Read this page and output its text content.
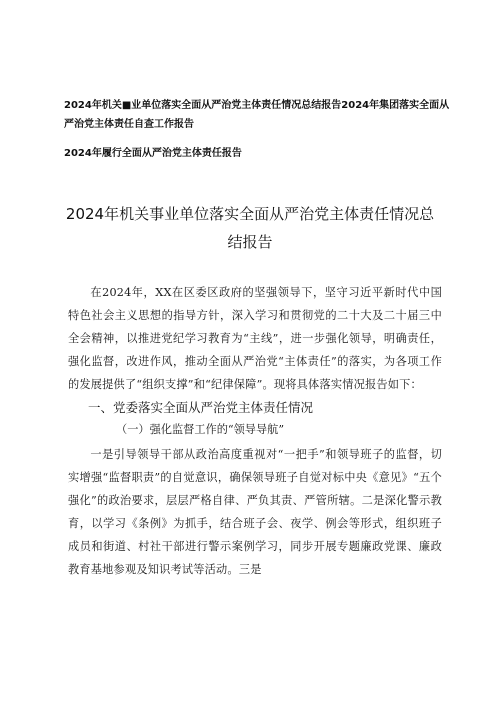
2024年机关■业单位落实全面从严治党主体责任情况总结报告2024年集团落实全面从严治党主体责任自查工作报告
2024年履行全面从严治党主体责任报告
2024年机关事业单位落实全面从严治党主体责任情况总结报告
在2024年，XX在区委区政府的坚强领导下，坚守习近平新时代中国特色社会主义思想的指导方针，深入学习和贯彻党的二十大及二十届三中全会精神，以推进党纪学习教育为“主线”，进一步强化领导，明确责任，强化监督，改进作风，推动全面从严治党“主体责任”的落实，为各项工作的发展提供了“组织支撑”和“纪律保障”。现将具体落实情况报告如下：
一、党委落实全面从严治党主体责任情况
（一）强化监督工作的“领导导航”
一是引导领导干部从政治高度重视对“一把手”和领导班子的监督，切实增强“监督职责”的自觉意识，确保领导班子自觉对标中央《意见》“五个强化”的政治要求，层层严格自律、严负其责、严管所辖。二是深化警示教育，以学习《条例》为抓手，结合班子会、夜学、例会等形式，组织班子成员和街道、村社干部进行警示案例学习，同步开展专题廉政党课、廉政教育基地参观及知识考试等活动。三是
